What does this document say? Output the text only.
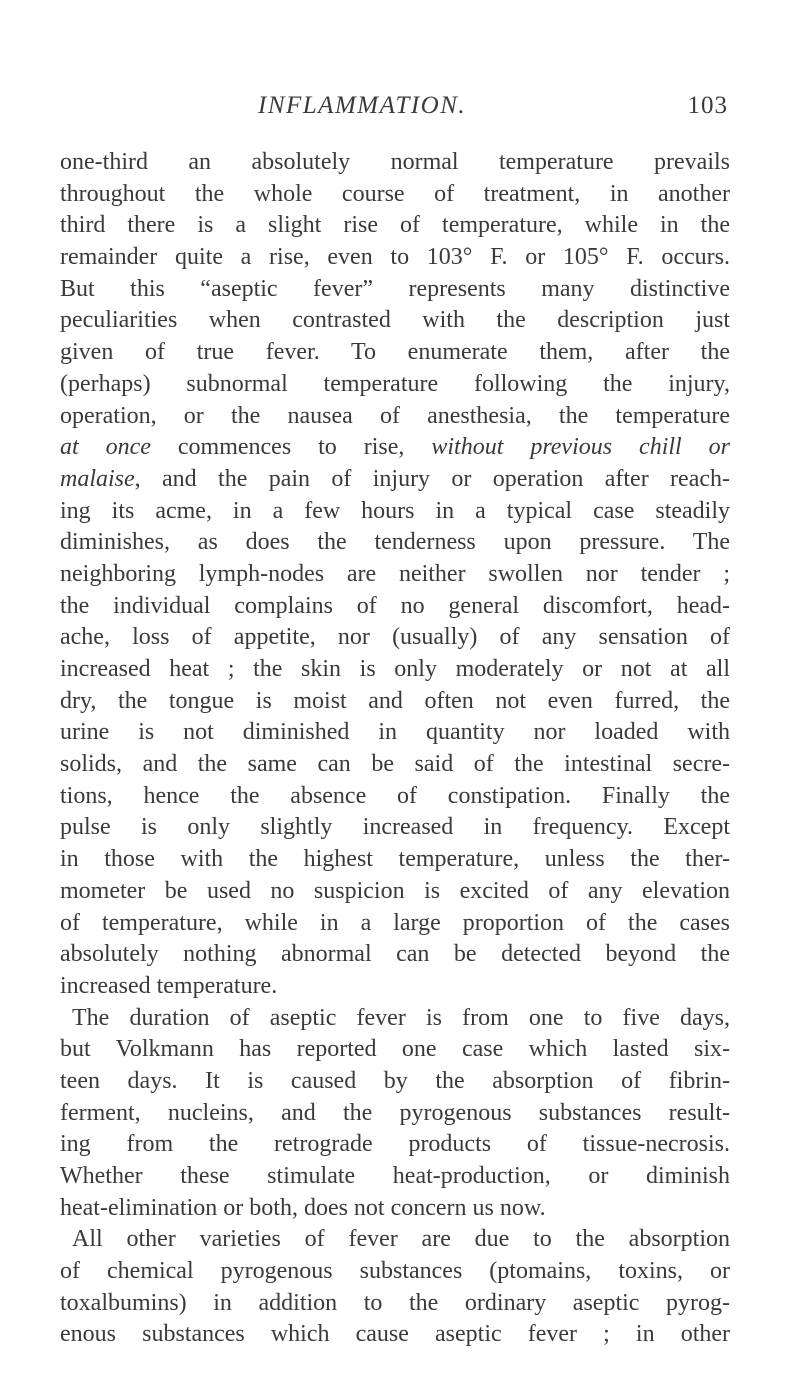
INFLAMMATION.	103
one-third an absolutely normal temperature prevails
throughout the whole course of treatment, in another
third there is a slight rise of temperature, while in the
remainder quite a rise, even to 103° F. or 105° F. occurs.
But this “aseptic fever” represents many distinctive
peculiarities when contrasted with the description just
given of true fever. To enumerate them, after the
(perhaps) subnormal temperature following the injury,
operation, or the nausea of anesthesia, the temperature
at once commences to rise, without previous chill or
malaise, and the pain of injury or operation after reach-
ing its acme, in a few hours in a typical case steadily
diminishes, as does the tenderness upon pressure. The
neighboring lymph-nodes are neither swollen nor tender ;
the individual complains of no general discomfort, head-
ache, loss of appetite, nor (usually) of any sensation of
increased heat ; the skin is only moderately or not at all
dry, the tongue is moist and often not even furred, the
urine is not diminished in quantity nor loaded with
solids, and the same can be said of the intestinal secre-
tions, hence the absence of constipation. Finally the
pulse is only slightly increased in frequency. Except
in those with the highest temperature, unless the ther-
mometer be used no suspicion is excited of any elevation
of temperature, while in a large proportion of the cases
absolutely nothing abnormal can be detected beyond the
increased temperature.
The duration of aseptic fever is from one to five days,
but Volkmann has reported one case which lasted six-
teen days. It is caused by the absorption of fibrin-
ferment, nucleins, and the pyrogenous substances result-
ing from the retrograde products of tissue-necrosis.
Whether these stimulate heat-production, or diminish
heat-elimination or both, does not concern us now.
All other varieties of fever are due to the absorption
of chemical pyrogenous substances (ptomains, toxins, or
toxalbumins) in addition to the ordinary aseptic pyrog-
enous substances which cause aseptic fever ; in other
